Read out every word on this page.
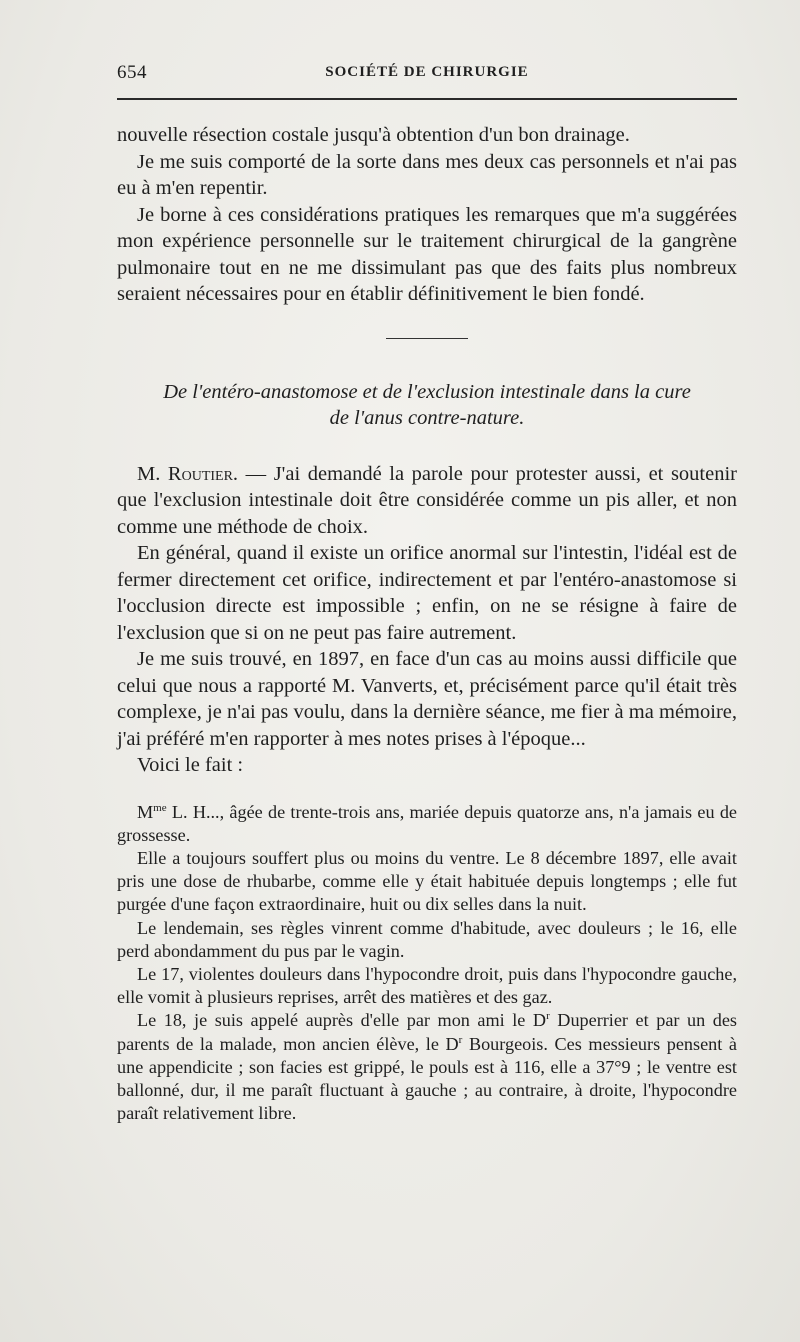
654	SOCIÉTÉ DE CHIRURGIE

nouvelle résection costale jusqu'à obtention d'un bon drainage.

Je me suis comporté de la sorte dans mes deux cas personnels et n'ai pas eu à m'en repentir.

Je borne à ces considérations pratiques les remarques que m'a suggérées mon expérience personnelle sur le traitement chirurgical de la gangrène pulmonaire tout en ne me dissimulant pas que des faits plus nombreux seraient nécessaires pour en établir définitivement le bien fondé.

De l'entéro-anastomose et de l'exclusion intestinale dans la cure
de l'anus contre-nature.

M. Routier. — J'ai demandé la parole pour protester aussi, et soutenir que l'exclusion intestinale doit être considérée comme un pis aller, et non comme une méthode de choix.

En général, quand il existe un orifice anormal sur l'intestin, l'idéal est de fermer directement cet orifice, indirectement et par l'entéro-anastomose si l'occlusion directe est impossible ; enfin, on ne se résigne à faire de l'exclusion que si on ne peut pas faire autrement.

Je me suis trouvé, en 1897, en face d'un cas au moins aussi difficile que celui que nous a rapporté M. Vanverts, et, précisément parce qu'il était très complexe, je n'ai pas voulu, dans la dernière séance, me fier à ma mémoire, j'ai préféré m'en rapporter à mes notes prises à l'époque...

Voici le fait :

$M^{me}$ L. H..., âgée de trente-trois ans, mariée depuis quatorze ans, n'a jamais eu de grossesse.

Elle a toujours souffert plus ou moins du ventre. Le 8 décembre 1897, elle avait pris une dose de rhubarbe, comme elle y était habituée depuis longtemps ; elle fut purgée d'une façon extraordinaire, huit ou dix selles dans la nuit.

Le lendemain, ses règles vinrent comme d'habitude, avec douleurs ; le 16, elle perd abondamment du pus par le vagin.

Le 17, violentes douleurs dans l'hypocondre droit, puis dans l'hypocondre gauche, elle vomit à plusieurs reprises, arrêt des matières et des gaz.

Le 18, je suis appelé auprès d'elle par mon ami le $D^r$ Duperrier et par un des parents de la malade, mon ancien élève, le $D^r$ Bourgeois. Ces messieurs pensent à une appendicite ; son facies est grippé, le pouls est à 116, elle a 37°9 ; le ventre est ballonné, dur, il me paraît fluctuant à gauche ; au contraire, à droite, l'hypocondre paraît relativement libre.
